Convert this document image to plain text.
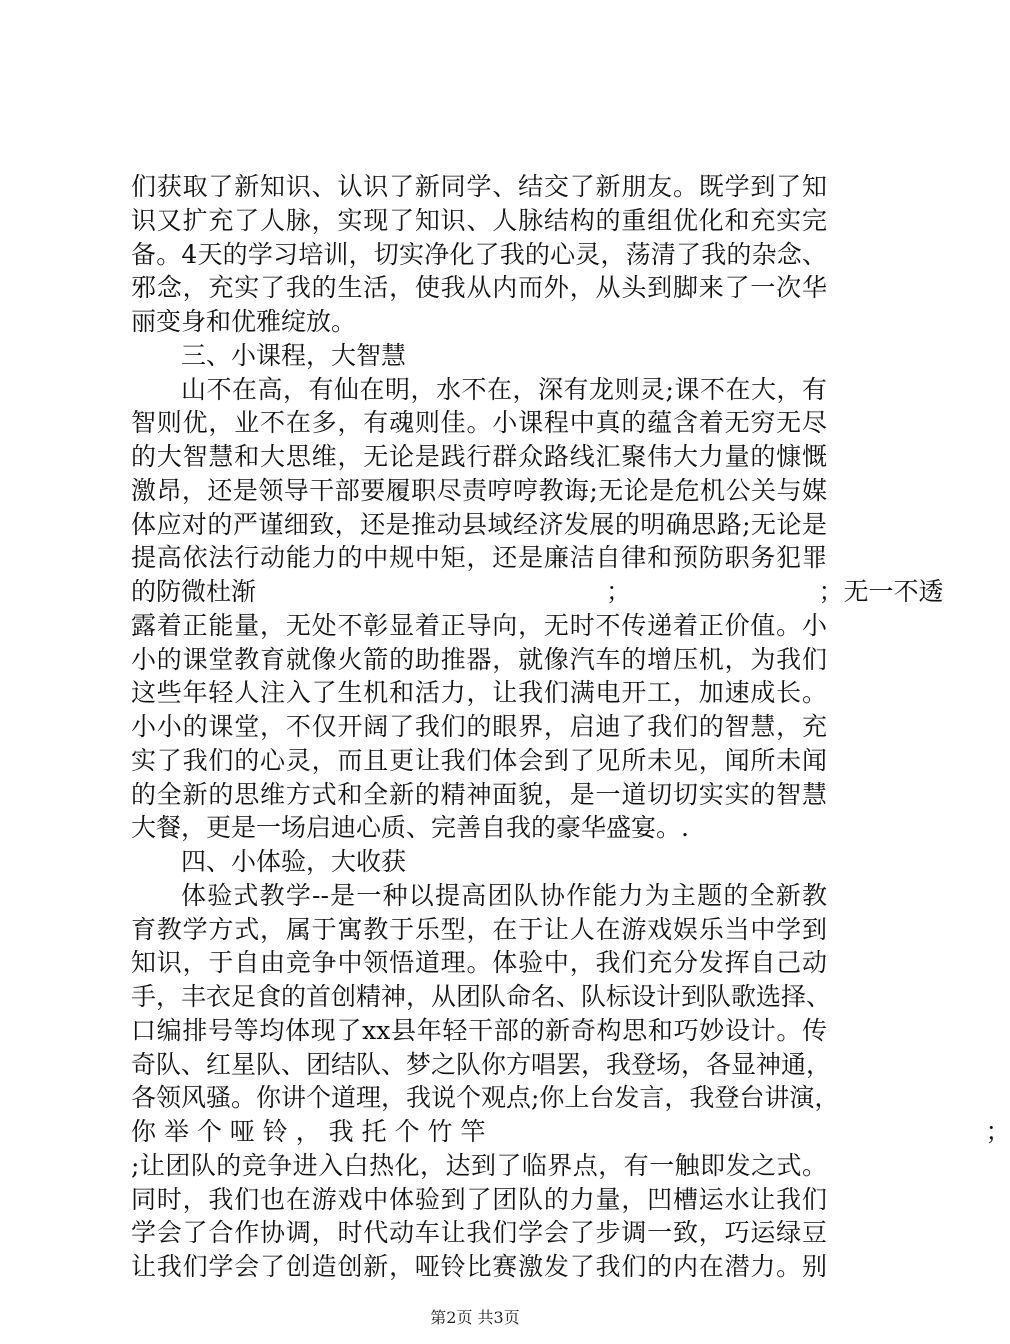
们获取了新知识、认识了新同学、结交了新朋友。既学到了知
识又扩充了人脉，实现了知识、人脉结构的重组优化和充实完
备。4天的学习培训，切实净化了我的心灵，荡清了我的杂念、
邪念，充实了我的生活，使我从内而外，从头到脚来了一次华
丽变身和优雅绽放。
三、小课程，大智慧
山不在高，有仙在明，水不在，深有龙则灵;课不在大，有
智则优，业不在多，有魂则佳。小课程中真的蕴含着无穷无尽
的大智慧和大思维，无论是践行群众路线汇聚伟大力量的慷慨
激昂，还是领导干部要履职尽责哼哼教诲;无论是危机公关与媒
体应对的严谨细致，还是推动县域经济发展的明确思路;无论是
提高依法行动能力的中规中矩，还是廉洁自律和预防职务犯罪
的防微杜渐　　　　　　　　　　　　　　；　　　　　　　　；无一不透
露着正能量，无处不彰显着正导向，无时不传递着正价值。小
小的课堂教育就像火箭的助推器，就像汽车的增压机，为我们
这些年轻人注入了生机和活力，让我们满电开工，加速成长。
小小的课堂，不仅开阔了我们的眼界，启迪了我们的智慧，充
实了我们的心灵，而且更让我们体会到了见所未见，闻所未闻
的全新的思维方式和全新的精神面貌，是一道切切实实的智慧
大餐，更是一场启迪心质、完善自我的豪华盛宴。.
四、小体验，大收获
体验式教学--是一种以提高团队协作能力为主题的全新教
育教学方式，属于寓教于乐型，在于让人在游戏娱乐当中学到
知识，于自由竞争中领悟道理。体验中，我们充分发挥自己动
手，丰衣足食的首创精神，从团队命名、队标设计到队歌选择、
口编排号等均体现了xx县年轻干部的新奇构思和巧妙设计。传
奇队、红星队、团结队、梦之队你方唱罢，我登场，各显神通，
各领风骚。你讲个道理，我说个观点;你上台发言，我登台讲演，
你 举 个 哑 铃 ， 我 托 个 竹 竿　　　　　　　　　　　　　　　　　　　　；
;让团队的竞争进入白热化，达到了临界点，有一触即发之式。
同时，我们也在游戏中体验到了团队的力量，凹槽运水让我们
学会了合作协调，时代动车让我们学会了步调一致，巧运绿豆
让我们学会了创造创新，哑铃比赛激发了我们的内在潜力。别
第2页 共3页
